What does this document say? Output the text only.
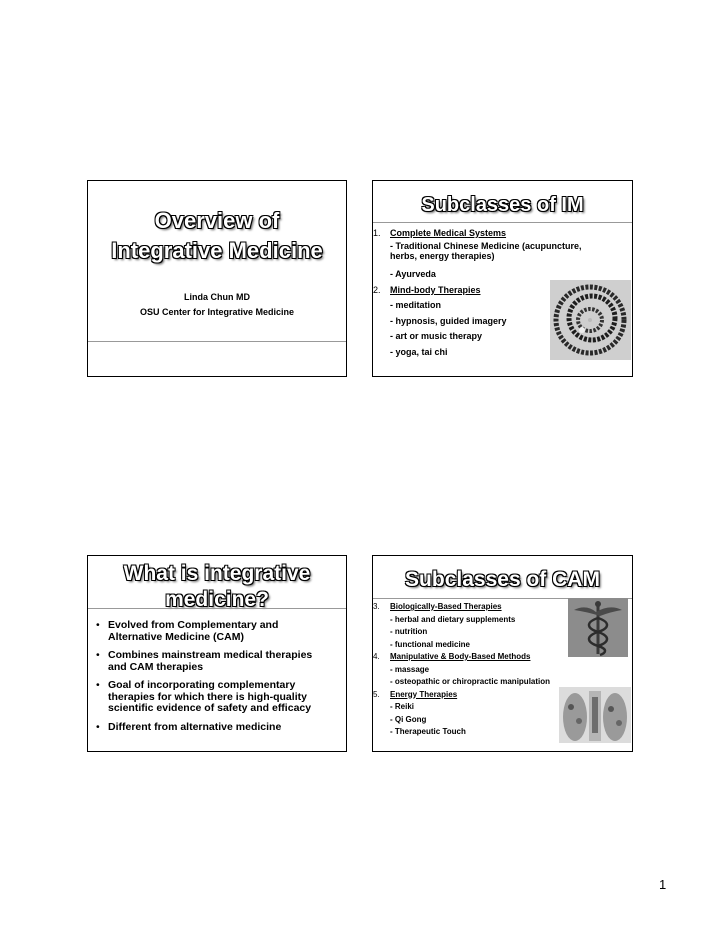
Overview of
Integrative Medicine
Linda Chun MD
OSU Center for Integrative Medicine
Subclasses of IM
1. Complete Medical Systems
- Traditional Chinese Medicine (acupuncture,
herbs, energy therapies)
- Ayurveda
2. Mind-body Therapies
- meditation
- hypnosis, guided imagery
- art or music therapy
- yoga, tai chi
What is integrative
medicine?
• Evolved from Complementary and
Alternative Medicine (CAM)
• Combines mainstream medical therapies
and CAM therapies
• Goal of incorporating complementary
therapies for which there is high-quality
scientific evidence of safety and efficacy
• Different from alternative medicine
Subclasses of CAM
3. Biologically-Based Therapies
- herbal and dietary supplements
- nutrition
- functional medicine
4. Manipulative & Body-Based Methods
- massage
- osteopathic or chiropractic manipulation
5. Energy Therapies
- Reiki
- Qi Gong
- Therapeutic Touch
1
